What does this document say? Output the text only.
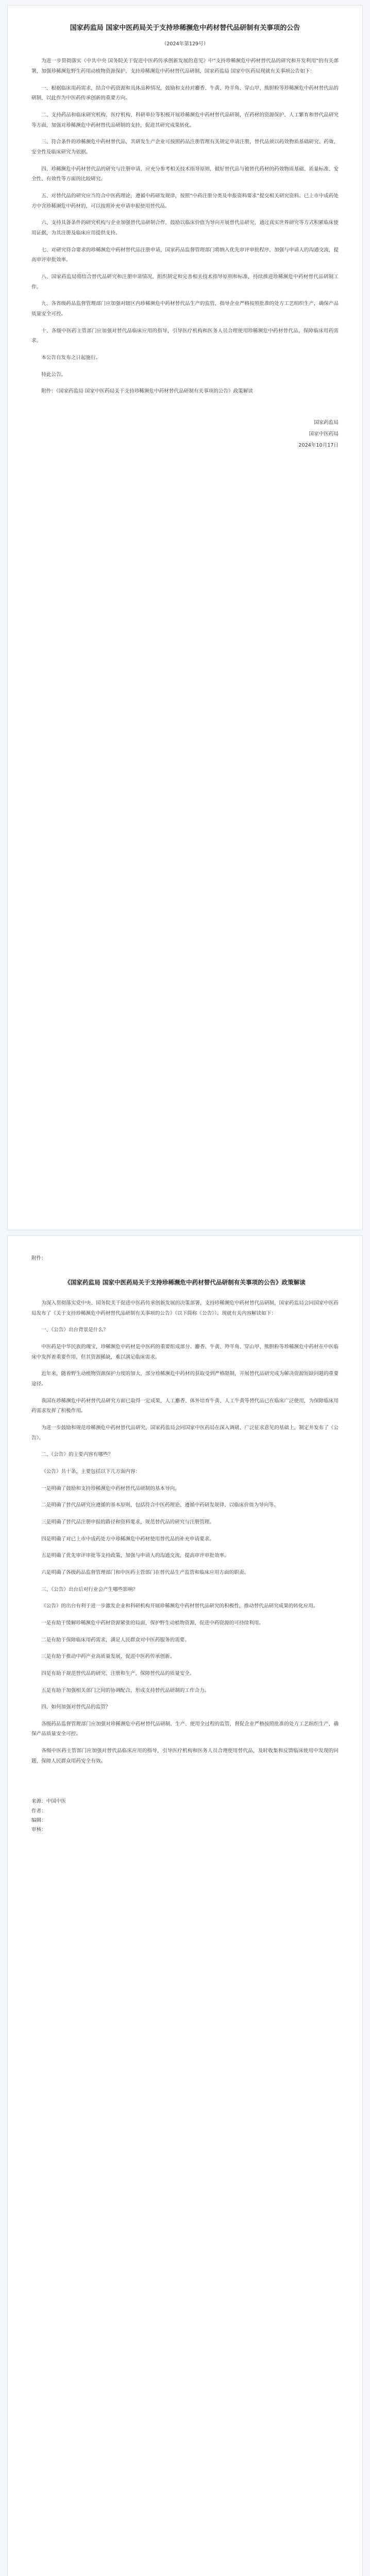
国家药监局 国家中医药局关于支持珍稀濒危中药材替代品研制有关事项的公告

（2024年第129号）

为进一步贯彻落实《中共中央 国务院关于促进中医药传承创新发展的意见》中“支持珍稀濒危中药材替代品的研究和开发利用”的有关部署，加强珍稀濒危野生药用动植物资源保护，支持珍稀濒危中药材替代品研制，国家药监局 国家中医药局现就有关事项公告如下：

一、根据临床用药需求，结合中药资源和具体品种情况，鼓励和支持对麝香、牛黄、羚羊角、穿山甲、熊胆粉等珍稀濒危中药材替代品的研制，以此作为中医药传承创新的重要方向。

二、支持药品和临床研究机构、医疗机构、科研单位等积极开展珍稀濒危中药材替代品研制，在药材的资源保护、人工繁育和替代品研究等方面，加强对珍稀濒危中药材替代品研制的支持，促进其研究成果转化。

三、符合条件的珍稀濒危中药材替代品，其研发生产企业可按照药品注册管理有关规定申请注册，替代品须以药效物质基础研究、药效、安全性及临床研究为依据。

四、珍稀濒危中药材替代品的研究与注册申请，应充分参考相关技术指导原则，做好替代品与被替代药材的药效物质基础、质量标准、安全性、有效性等方面的比较研究。

五、对替代品的研究应当符合中医药理论，遵循中药研发规律，按照“中药注册分类及申报资料要求”提交相关研究资料。已上市中成药处方中含珍稀濒危中药材的，可以按照补充申请申报使用替代品。

六、支持具备条件的研究机构与企业加强替代品研制合作，鼓励以临床价值为导向开展替代品研究，通过真实世界研究等方式积累临床使用证据，为其注册及临床应用提供支持。

七、对研究符合要求的珍稀濒危中药材替代品注册申请，国家药品监督管理部门将纳入优先审评审批程序，加强与申请人的沟通交流，提高审评审批效率。

八、国家药监局将结合替代品研究和注册申请情况，组织制定和完善相关技术指导原则和标准，持续推进珍稀濒危中药材替代品研制工作。

九、各省级药品监督管理部门应加强对辖区内珍稀濒危中药材替代品生产的监管，指导企业严格按照批准的处方工艺组织生产，确保产品质量安全可控。

十、各级中医药主管部门应加强对替代品临床应用的指导，引导医疗机构和医务人员合理使用珍稀濒危中药材替代品，保障临床用药需求。

本公告自发布之日起施行。

特此公告。

附件：《国家药监局 国家中医药局关于支持珍稀濒危中药材替代品研制有关事项的公告》政策解读

国家药监局

国家中医药局

2024年10月17日

附件：

《国家药监局 国家中医药局关于支持珍稀濒危中药材替代品研制有关事项的公告》政策解读

为深入贯彻落实党中央、国务院关于促进中医药传承创新发展的决策部署，支持珍稀濒危中药材替代品研制，国家药监局会同国家中医药局发布了《关于支持珍稀濒危中药材替代品研制有关事项的公告》（以下简称《公告》）。现就有关内容解读如下：

一、《公告》出台背景是什么？

中医药是中华民族的瑰宝，珍稀濒危中药材是中医药的重要组成部分。麝香、牛黄、羚羊角、穿山甲、熊胆粉等珍稀濒危中药材在中医临床中发挥着重要作用，但其资源稀缺，难以满足临床需求。

近年来，随着野生动植物资源保护力度的加大，部分珍稀濒危中药材的获取受到严格限制，开展替代品研究成为解决资源短缺问题的重要途径。

我国在珍稀濒危中药材替代品研究方面已取得一定成果，人工麝香、体外培育牛黄、人工牛黄等替代品已在临床广泛使用，为保障临床用药需求发挥了积极作用。

为进一步鼓励和规范珍稀濒危中药材替代品研究，国家药监局会同国家中医药局在深入调研、广泛征求意见的基础上，制定并发布了《公告》。

二、《公告》的主要内容有哪些？

《公告》共十条，主要包括以下几方面内容：

一是明确了鼓励和支持珍稀濒危中药材替代品研制的基本导向。

二是明确了替代品研究应遵循的基本原则，包括符合中医药理论、遵循中药研发规律、以临床价值为导向等。

三是明确了替代品注册申报的路径和资料要求，规范替代品的研究与注册管理。

四是明确了对已上市中成药处方中珍稀濒危中药材使用替代品的补充申请要求。

五是明确了优先审评审批等支持政策，加强与申请人的沟通交流，提高审评审批效率。

六是明确了各级药品监督管理部门和中医药主管部门在替代品生产监管和临床应用方面的职责。

三、《公告》出台后对行业会产生哪些影响？

《公告》的出台有利于进一步激发企业和科研机构开展珍稀濒危中药材替代品研究的积极性，推动替代品研究成果的转化应用。

一是有助于缓解珍稀濒危中药材资源紧张的局面，保护野生动植物资源，促进中药资源的可持续利用。

二是有助于保障临床用药需求，满足人民群众对中医药服务的需要。

三是有助于推动中药产业高质量发展，促进中医药传承创新。

四是有助于规范替代品的研究、注册和生产，保障替代品的质量安全。

五是有助于加强相关部门之间的协调配合，形成支持替代品研制的工作合力。

四、如何加强对替代品的监管？

各级药品监督管理部门应加强对珍稀濒危中药材替代品研制、生产、使用全过程的监管，督促企业严格按照批准的处方工艺组织生产，确保产品质量安全可控。

各级中医药主管部门应加强对替代品临床应用的指导，引导医疗机构和医务人员合理使用替代品，及时收集和反馈临床使用中发现的问题，保障人民群众用药安全有效。

来源：中国中医

作者：

编辑：

审核：
